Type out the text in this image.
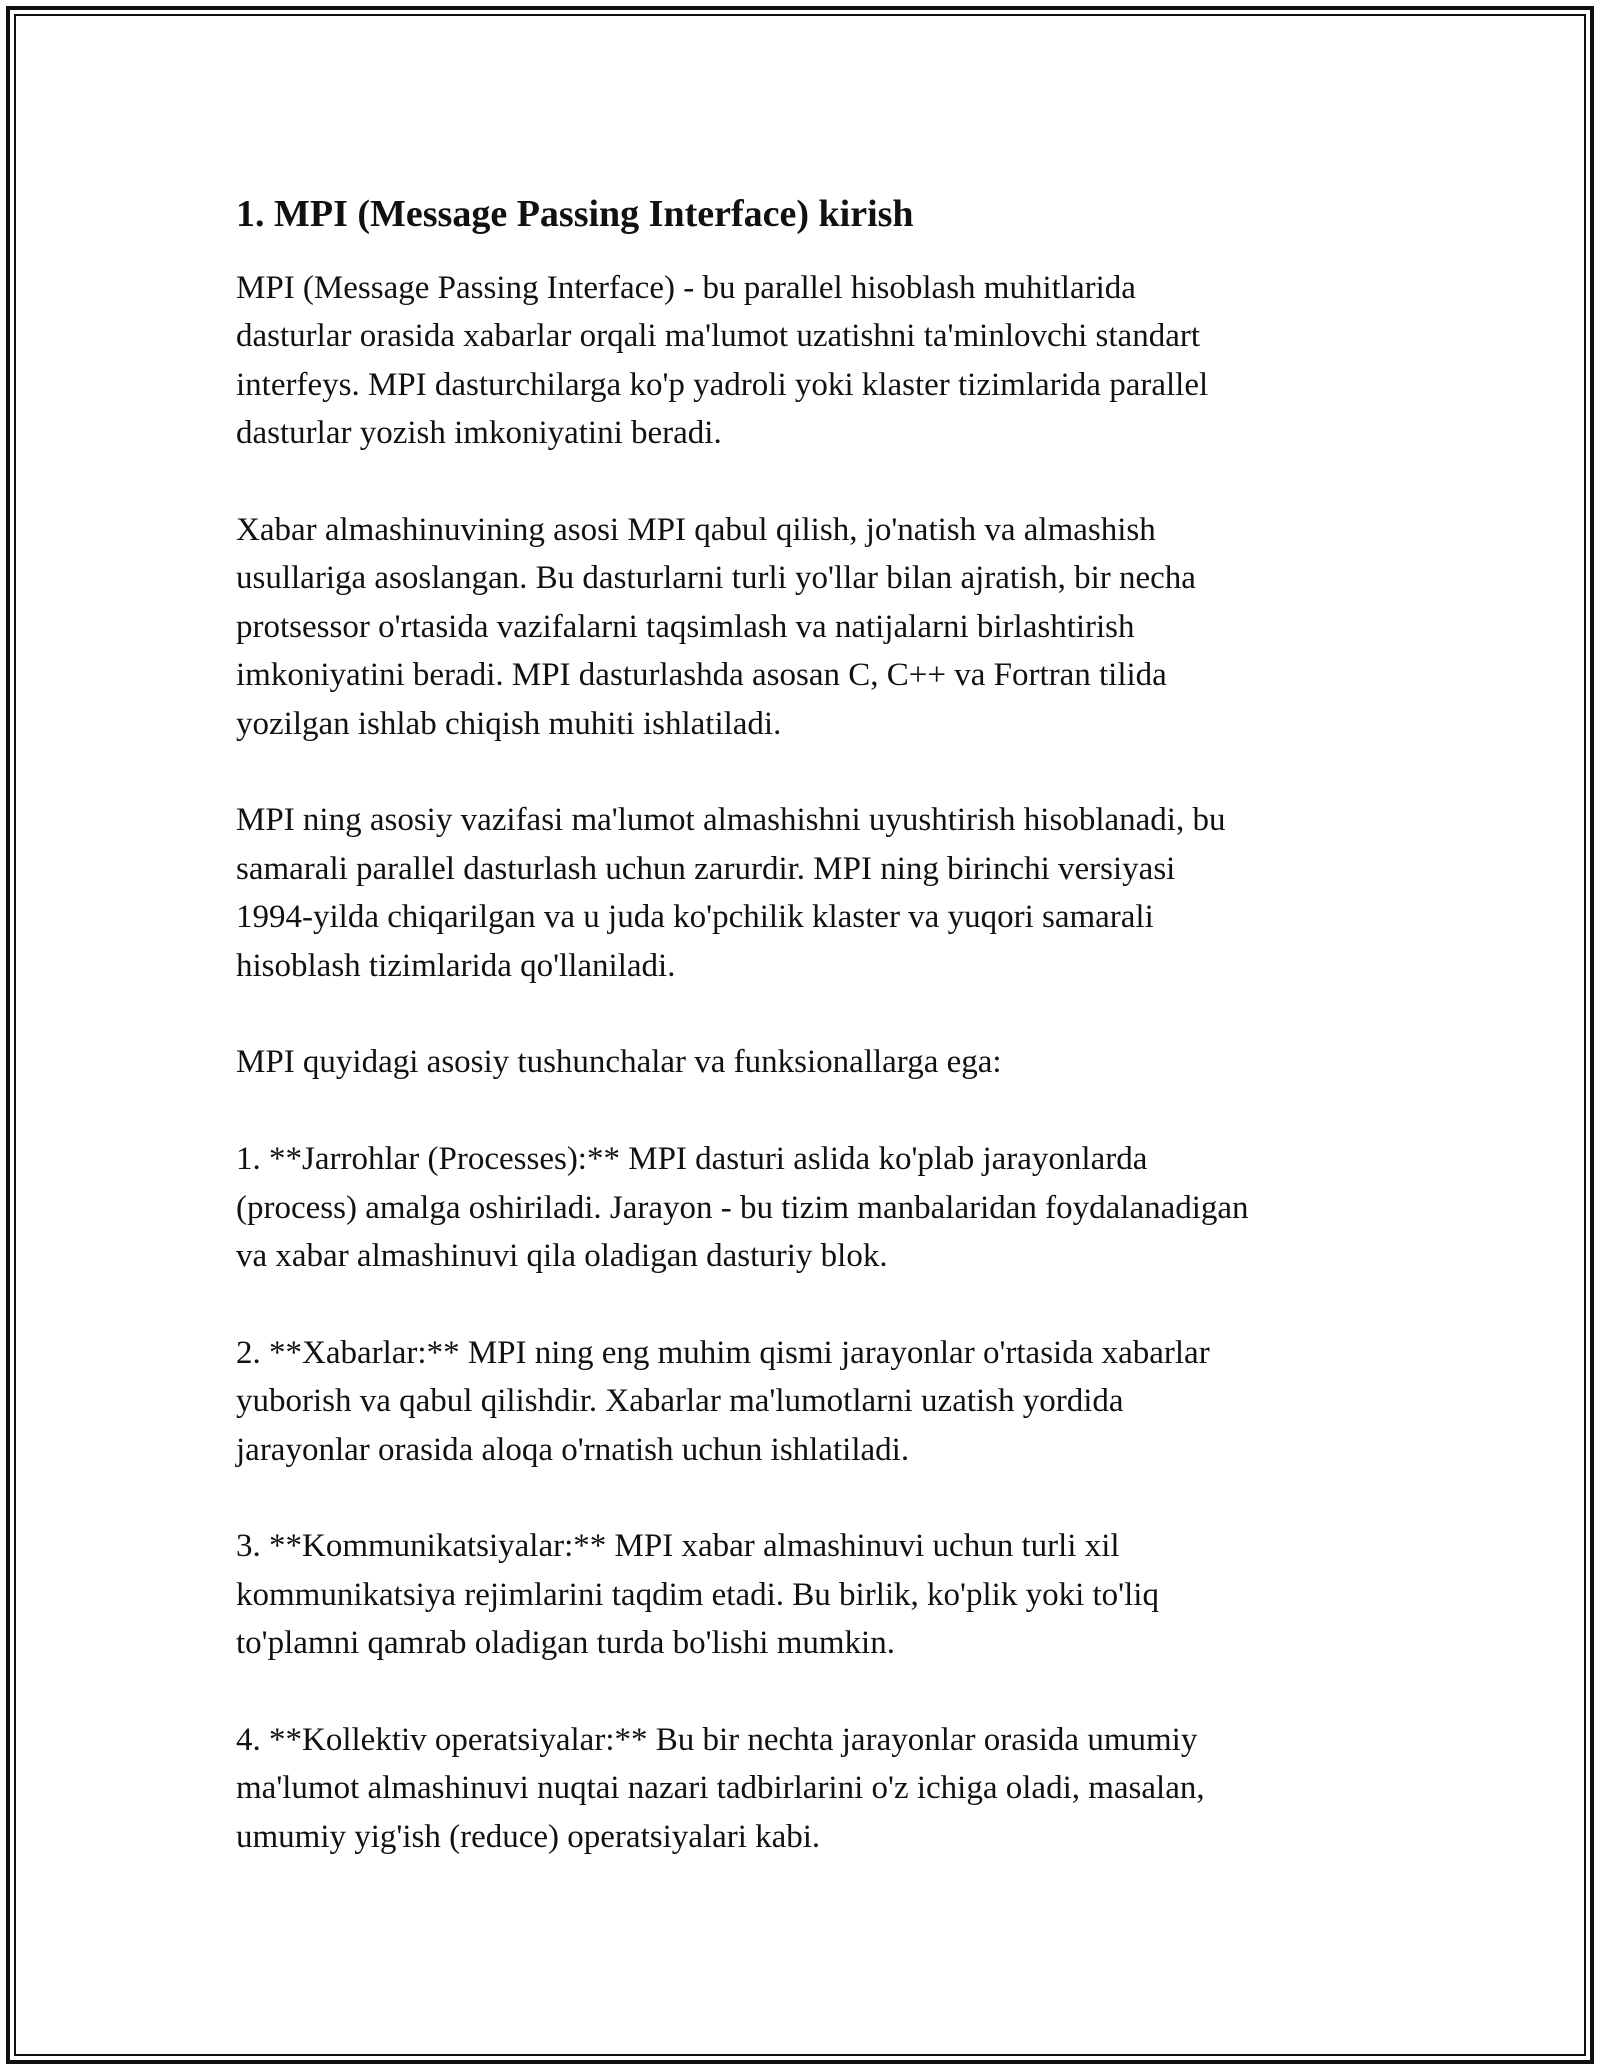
1. MPI (Message Passing Interface) kirish

MPI (Message Passing Interface) - bu parallel hisoblash muhitlarida
dasturlar orasida xabarlar orqali ma'lumot uzatishni ta'minlovchi standart
interfeys. MPI dasturchilarga ko'p yadroli yoki klaster tizimlarida parallel
dasturlar yozish imkoniyatini beradi.

Xabar almashinuvining asosi MPI qabul qilish, jo'natish va almashish
usullariga asoslangan. Bu dasturlarni turli yo'llar bilan ajratish, bir necha
protsessor o'rtasida vazifalarni taqsimlash va natijalarni birlashtirish
imkoniyatini beradi. MPI dasturlashda asosan C, C++ va Fortran tilida
yozilgan ishlab chiqish muhiti ishlatiladi.

MPI ning asosiy vazifasi ma'lumot almashishni uyushtirish hisoblanadi, bu
samarali parallel dasturlash uchun zarurdir. MPI ning birinchi versiyasi
1994-yilda chiqarilgan va u juda ko'pchilik klaster va yuqori samarali
hisoblash tizimlarida qo'llaniladi.

MPI quyidagi asosiy tushunchalar va funksionallarga ega:

1. **Jarrohlar (Processes):** MPI dasturi aslida ko'plab jarayonlarda
(process) amalga oshiriladi. Jarayon - bu tizim manbalaridan foydalanadigan
va xabar almashinuvi qila oladigan dasturiy blok.

2. **Xabarlar:** MPI ning eng muhim qismi jarayonlar o'rtasida xabarlar
yuborish va qabul qilishdir. Xabarlar ma'lumotlarni uzatish yordida
jarayonlar orasida aloqa o'rnatish uchun ishlatiladi.

3. **Kommunikatsiyalar:** MPI xabar almashinuvi uchun turli xil
kommunikatsiya rejimlarini taqdim etadi. Bu birlik, ko'plik yoki to'liq
to'plamni qamrab oladigan turda bo'lishi mumkin.

4. **Kollektiv operatsiyalar:** Bu bir nechta jarayonlar orasida umumiy
ma'lumot almashinuvi nuqtai nazari tadbirlarini o'z ichiga oladi, masalan,
umumiy yig'ish (reduce) operatsiyalari kabi.
